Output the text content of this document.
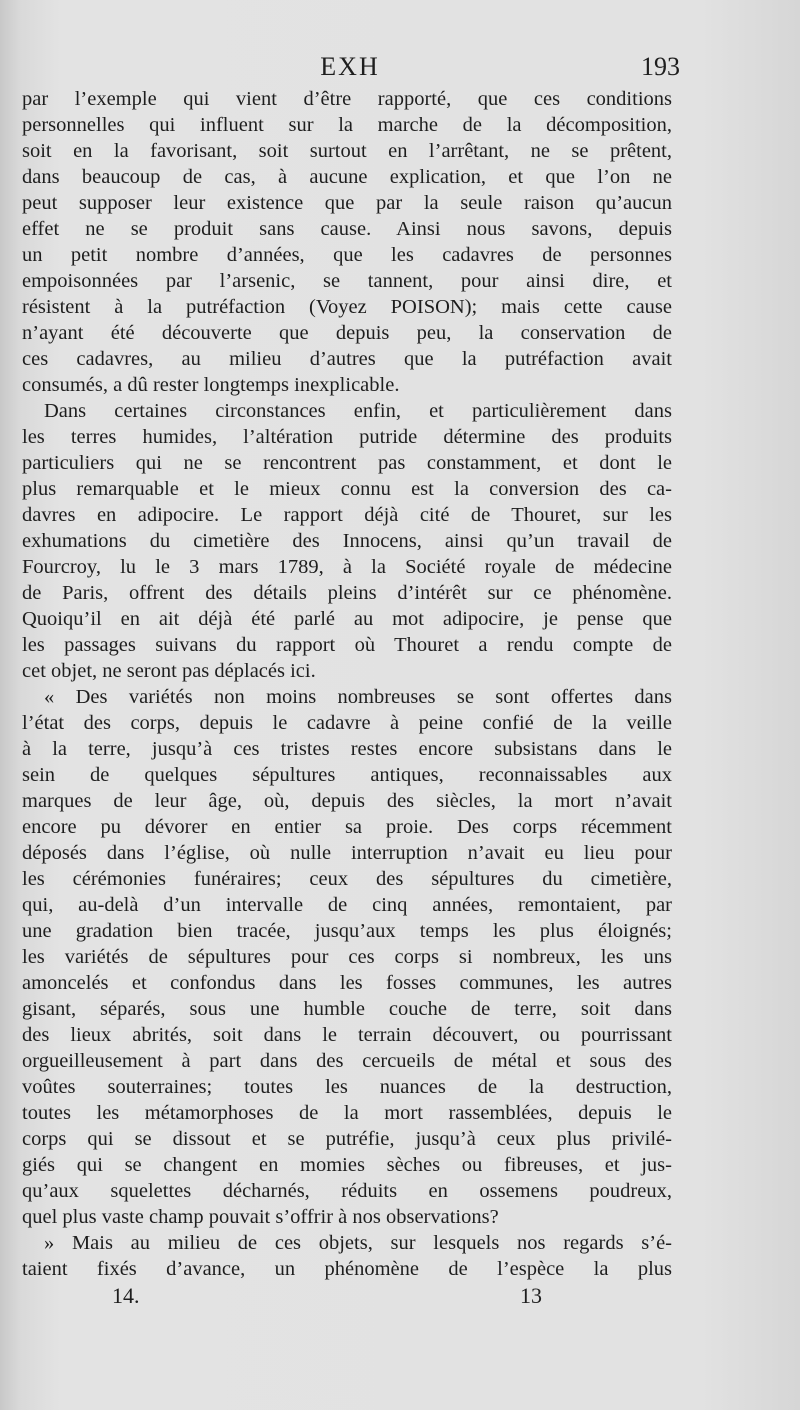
EXH	193
par l’exemple qui vient d’être rapporté, que ces conditions
personnelles qui influent sur la marche de la décomposition,
soit en la favorisant, soit surtout en l’arrêtant, ne se prêtent,
dans beaucoup de cas, à aucune explication, et que l’on ne
peut supposer leur existence que par la seule raison qu’aucun
effet ne se produit sans cause. Ainsi nous savons, depuis
un petit nombre d’années, que les cadavres de personnes
empoisonnées par l’arsenic, se tannent, pour ainsi dire, et
résistent à la putréfaction (Voyez POISON); mais cette cause
n’ayant été découverte que depuis peu, la conservation de
ces cadavres, au milieu d’autres que la putréfaction avait
consumés, a dû rester longtemps inexplicable.
Dans certaines circonstances enfin, et particulièrement dans
les terres humides, l’altération putride détermine des produits
particuliers qui ne se rencontrent pas constamment, et dont le
plus remarquable et le mieux connu est la conversion des ca-
davres en adipocire. Le rapport déjà cité de Thouret, sur les
exhumations du cimetière des Innocens, ainsi qu’un travail de
Fourcroy, lu le 3 mars 1789, à la Société royale de médecine
de Paris, offrent des détails pleins d’intérêt sur ce phénomène.
Quoiqu’il en ait déjà été parlé au mot adipocire, je pense que
les passages suivans du rapport où Thouret a rendu compte de
cet objet, ne seront pas déplacés ici.
« Des variétés non moins nombreuses se sont offertes dans
l’état des corps, depuis le cadavre à peine confié de la veille
à la terre, jusqu’à ces tristes restes encore subsistans dans le
sein de quelques sépultures antiques, reconnaissables aux
marques de leur âge, où, depuis des siècles, la mort n’avait
encore pu dévorer en entier sa proie. Des corps récemment
déposés dans l’église, où nulle interruption n’avait eu lieu pour
les cérémonies funéraires; ceux des sépultures du cimetière,
qui, au-delà d’un intervalle de cinq années, remontaient, par
une gradation bien tracée, jusqu’aux temps les plus éloignés;
les variétés de sépultures pour ces corps si nombreux, les uns
amoncelés et confondus dans les fosses communes, les autres
gisant, séparés, sous une humble couche de terre, soit dans
des lieux abrités, soit dans le terrain découvert, ou pourrissant
orgueilleusement à part dans des cercueils de métal et sous des
voûtes souterraines; toutes les nuances de la destruction,
toutes les métamorphoses de la mort rassemblées, depuis le
corps qui se dissout et se putréfie, jusqu’à ceux plus privilé-
giés qui se changent en momies sèches ou fibreuses, et jus-
qu’aux squelettes décharnés, réduits en ossemens poudreux,
quel plus vaste champ pouvait s’offrir à nos observations?
» Mais au milieu de ces objets, sur lesquels nos regards s’é-
taient fixés d’avance, un phénomène de l’espèce la plus
14.	13
